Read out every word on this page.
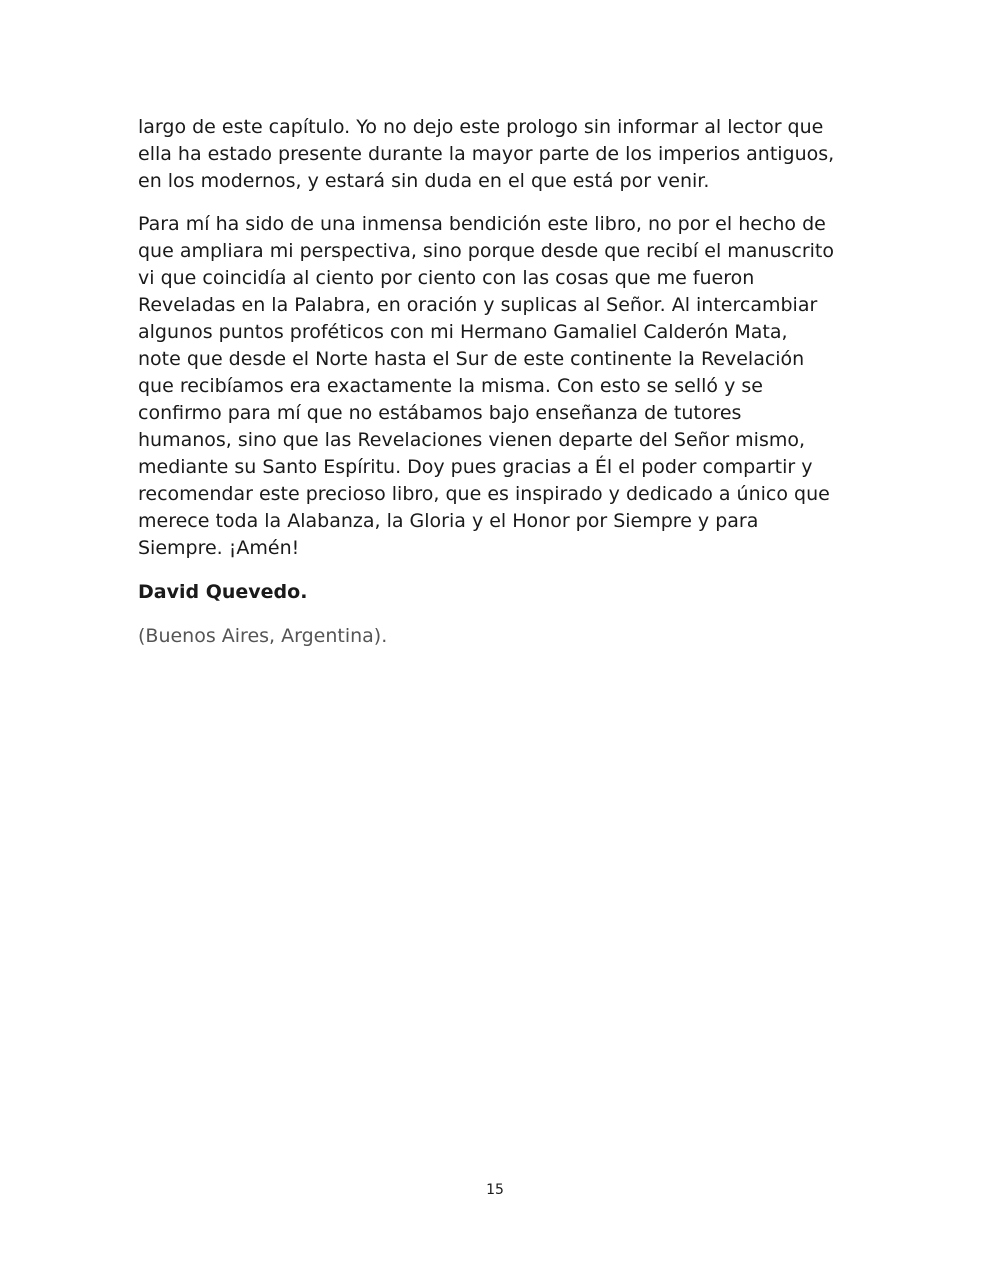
largo de este capítulo. Yo no dejo este prologo sin informar al lector que
ella ha estado presente durante la mayor parte de los imperios antiguos,
en los modernos, y estará sin duda en el que está por venir.
Para mí ha sido de una inmensa bendición este libro, no por el hecho de
que ampliara mi perspectiva, sino porque desde que recibí el manuscrito
vi que coincidía al ciento por ciento con las cosas que me fueron
Reveladas en la Palabra, en oración y suplicas al Señor. Al intercambiar
algunos puntos proféticos con mi Hermano Gamaliel Calderón Mata,
note que desde el Norte hasta el Sur de este continente la Revelación
que recibíamos era exactamente la misma. Con esto se selló y se
confirmo para mí que no estábamos bajo enseñanza de tutores
humanos, sino que las Revelaciones vienen departe del Señor mismo,
mediante su Santo Espíritu. Doy pues gracias a Él el poder compartir y
recomendar este precioso libro, que es inspirado y dedicado a único que
merece toda la Alabanza, la Gloria y el Honor por Siempre y para
Siempre. ¡Amén!
David Quevedo.
(Buenos Aires, Argentina).
15
